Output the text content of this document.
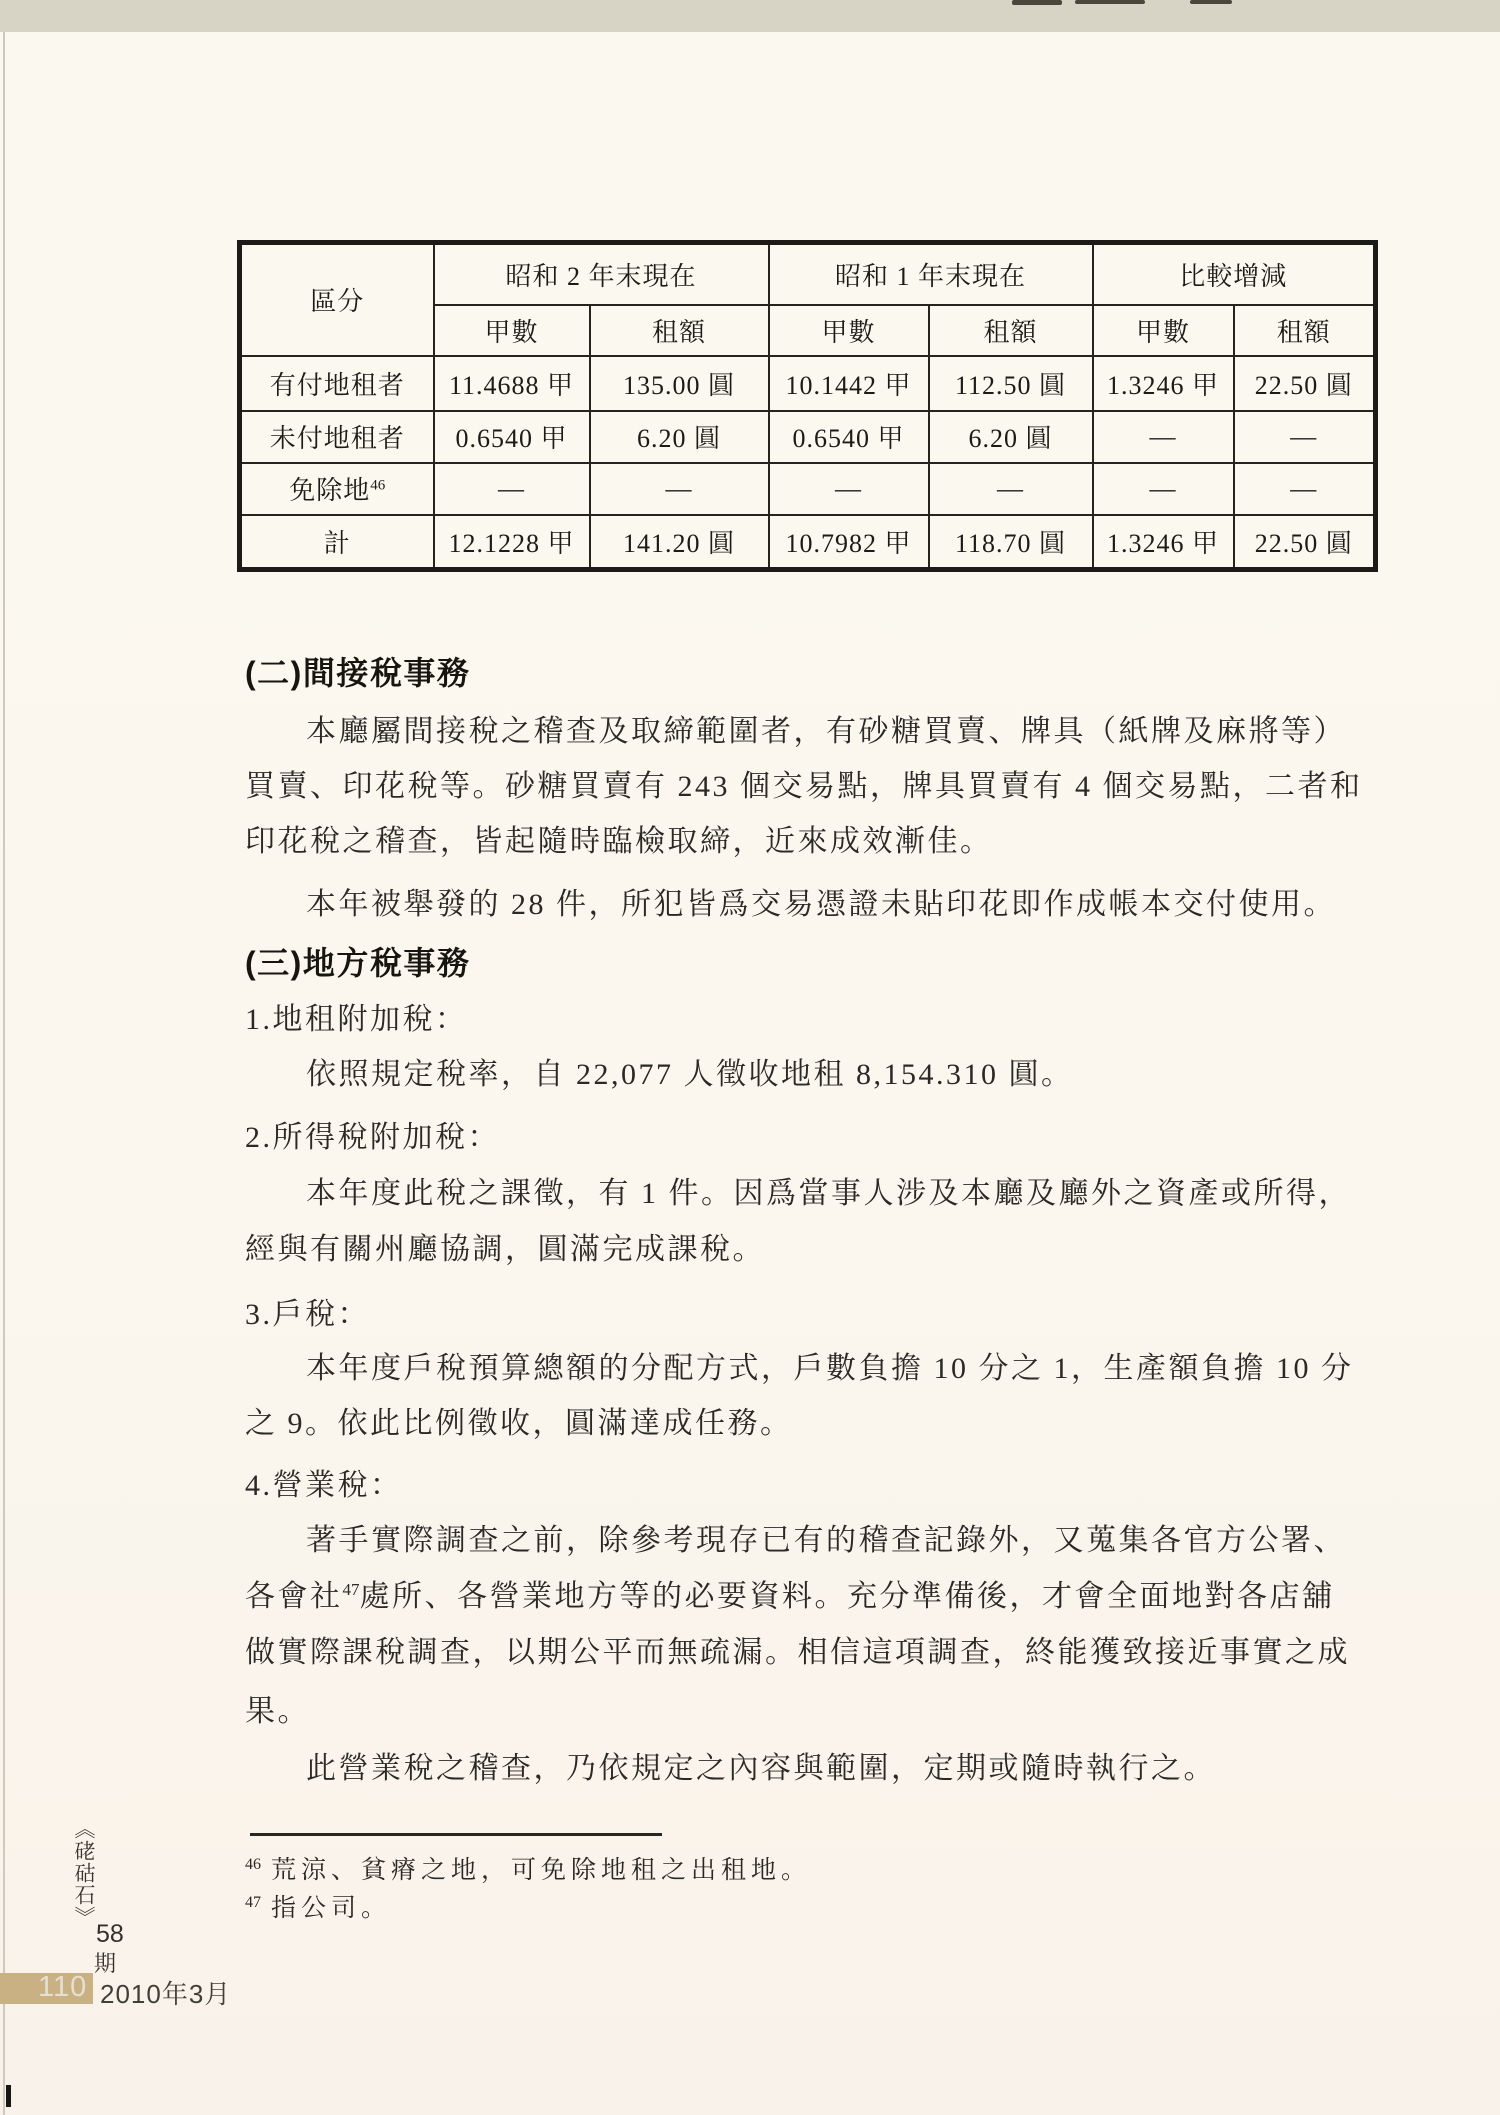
區分	昭和 2 年末現在		昭和 1 年末現在		比較增減	
	甲數	租額	甲數	租額	甲數	租額
有付地租者	11.4688 甲	135.00 圓	10.1442 甲	112.50 圓	1.3246 甲	22.50 圓
未付地租者	0.6540 甲	6.20 圓	0.6540 甲	6.20 圓	—	—
免除地$^{46}$	—	—	—	—	—	—
計	12.1228 甲	141.20 圓	10.7982 甲	118.70 圓	1.3246 甲	22.50 圓
(二)間接稅事務
本廳屬間接稅之稽查及取締範圍者，有砂糖買賣、牌具（紙牌及麻將等）
買賣、印花稅等。砂糖買賣有 243 個交易點，牌具買賣有 4 個交易點，二者和
印花稅之稽查，皆起隨時臨檢取締，近來成效漸佳。
本年被舉發的 28 件，所犯皆爲交易憑證未貼印花即作成帳本交付使用。
(三)地方稅事務
1.地租附加稅：
依照規定稅率，自 22,077 人徵收地租 8,154.310 圓。
2.所得稅附加稅：
本年度此稅之課徵，有 1 件。因爲當事人涉及本廳及廳外之資產或所得，
經與有關州廳協調，圓滿完成課稅。
3.戶稅：
本年度戶稅預算總額的分配方式，戶數負擔 10 分之 1，生產額負擔 10 分
之 9。依此比例徵收，圓滿達成任務。
4.營業稅：
著手實際調查之前，除參考現存已有的稽查記錄外，又蒐集各官方公署、
各會社$^{47}$處所、各營業地方等的必要資料。充分準備後，才會全面地對各店舖
做實際課稅調查，以期公平而無疏漏。相信這項調查，終能獲致接近事實之成
果。
此營業稅之稽查，乃依規定之內容與範圍，定期或隨時執行之。
$^{46}$ 荒涼、貧瘠之地，可免除地租之出租地。
$^{47}$ 指公司。
《硓𥑮石》
58
期
110 2010年3月
